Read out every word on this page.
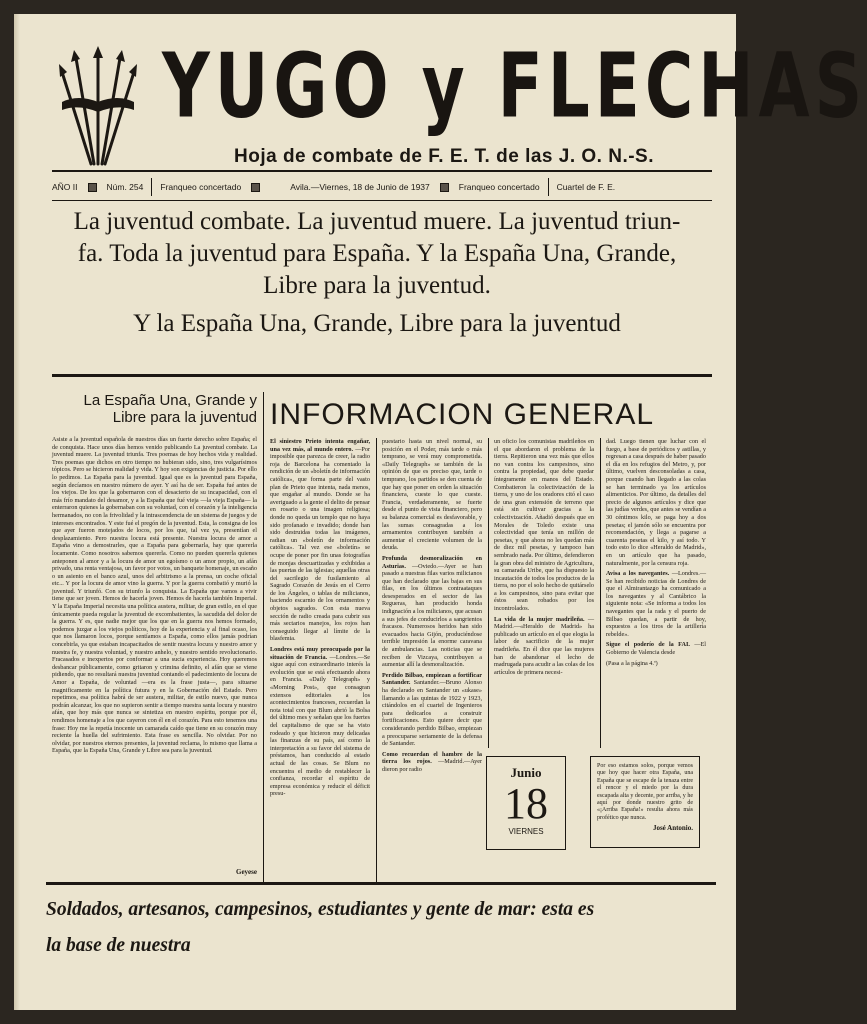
YUGO y FLECHAS
Hoja de combate de F. E. T. de las J. O. N.-S.
AÑO II	Núm. 254 Franqueo concertado	Avila.—Viernes, 18 de Junio de 1937	Franqueo concertado Cuartel de F. E.

La juventud combate. La juventud muere. La juventud triun-

fa. Toda la juventud para España. Y la España Una, Grande,

Libre para la juventud.

Y la España Una, Grande, Libre para la juventud

La España Una, Grande y Libre para la juventud

Asiste a la juventud española de nuestros días un fuerte derecho sobre España; el de conquista. Hace unos días hemos venido publicando La juventud combate. La juventud muere. La juventud triunfa. Tres poemas de hoy hechos vida y realidad. Tres poemas que dichos en otro tiempo no hubieran sido, sino, tres vulgarísimos tópicos. Pero se hicieron realidad y vida. Y hoy son exigencias de justicia. Por ello lo pedimos. La España para la juventud. Igual que es la juventud para España, según decíamos en nuestro número de ayer. Y así ha de ser. España fué antes de los viejos. De los que la gobernaron con el desacierto de su incapacidad, con el más frío mandato del desamor, y a la España que fué vieja —la vieja España— la enterraron quienes la gobernaban con su voluntad, con el corazón y la inteligencia hermanados, no con la frivolidad y la intrascendencia de un sistema de juegos y de intereses encontrados. Y este fué el pregón de la juventud. Esta, la consigna de los que ayer fueron motejados de locos, por los que, tal vez ya, presentían el desplazamiento. Pero nuestra locura está presente. Nuestra locura de amor a España vino a demostrarles, que a España para gobernarla, hay que quererla locamente. Como nosotros sabemos quererla. Como no pueden quererla quienes anteponen al amor y a la locura de amor un egoísmo o un amor propio, un afán privado, una renta ventajosa, un favor por votos, un banquete homenaje, un escaño o un asiento en el banco azul, unos del arbitrismo a la prensa, un coche oficial etc... Y por la locura de amor vino la guerra. Y por la guerra combatió y murió la juventud. Y triunfó. Con su triunfo la conquista. La España que vamos a vivir tiene que ser joven. Hemos de hacerla joven. Hemos de hacerla también Imperial. Y la España Imperial necesita una política austera, militar, de gran estilo, en el que únicamente pueda regular la juventud de excombatientes, la sacudida del dolor de la guerra. Y es, que nadie mejor que los que en la guerra nos hemos formado, podemos juzgar a los viejos políticos, hoy de la experiencia y al final ocaso, los que nos llamaron locos, porque sentíamos a España, como ellos jamás podrían concebirla, ya que estaban incapacitados de sentir nuestra locura y nuestro amor y nuestra fe, y nuestra voluntad, y nuestro anhelo, y nuestro sentido revolucionario. Fracasados e inexpertos por conformar a una sucia experiencia. Hoy queremos desbancar públicamente, como gritaron y crimina definito, el afán que se viene pidiendo, que no resultará nuestra juventud contando el padecimiento de locura de Amor a España, de voluntad —era es la frase justa—, para situarse magnificamente en la política futura y en la Gobernación del Estado. Pero repetimos, esa política habrá de ser austera, militar, de estilo nuevo, que nunca podrán alcanzar, los que no supieron sentir a tiempo nuestra santa locura y nuestro afán, que hoy más que nunca se sintetiza en nuestro espíritu, porque por él, rendimos homenaje a los que cayeron con él en el corazón. Para esto tenemos una frase: Hoy me la repetía inocente un camarada caído que tiene en su corazón muy reciente la huella del sufrimiento. Esta frase es sencilla. No olvidar. Por no olvidar, por nuestros eternos presentes, la juventud reclama, lo mismo que llama a España, que la España Una, Grande y Libre sea para la juventud.

Geyese
INFORMACION GENERAL

El siniestro Prieto intenta engañar, una vez más, al mundo entero. —Por imposible que parezca de creer, la radio roja de Barcelona ha comentado la rendición de un «boletín de información católica», que forma parte del vasto plan de Prieto que intenta, nada menos, que engañar al mundo. Donde se ha averiguado a la gente el delito de pensar en rosario o una imagen religiosa; donde no queda un templo que no haya sido profanado e invadido; donde han sido destruidas todas las imágenes, radian un «boletín de información católica». Tal vez ese «boletín» se ocupe de poner por fin unas fotografías de monjas descuartizadas y exhibidas a las puertas de las iglesias; aquellas otras del sacrilegio de fusilamiento al Sagrado Corazón de Jesús en el Cerro de los Ángeles, o tablas de milicianos, haciendo escarnio de los ornamentos y objetos sagrados. Con esta nueva sección de radio creada para cubrir sus más sectarios manejos, los rojos han conseguido llegar al límite de la blasfemia.

Londres está muy preocupado por la situación de Francia. —Londres.—Se sigue aquí con extraordinario interés la evolución que se está efectuando ahora en Francia. «Daily Telegraph» y «Morning Post», que consagran extensos editoriales a los acontecimientos franceses, recuerdan la nota total con que Blum abrió la Bolsa del último mes y señalan que los fuertes del capitalismo de que se ha visto rodeado y que hicieron muy delicadas las finanzas de su país, así como la interpretación a su favor del sistema de préstamos, han conducido al estado actual de las cosas. Se Blum no encuentra el medio de restablecer la confianza, recordar el espíritu de empresa económica y reducir el déficit presu-

puestario hasta un nivel normal, su posición en el Poder, más tarde o más temprano, se verá muy comprometida. «Daily Telegraph» se también de la opinión de que es preciso que, tarde o temprano, los partidos se den cuenta de que hay que poner en orden la situación financiera, cueste lo que cueste. Francia, verdaderamente, se fuerte desde el punto de vista financiero, pero su balanza comercial es desfavorable, y las sumas consagradas a los armamentos contribuyen también a aumentar el creciente volumen de la deuda.

Profunda desmoralización en Asturias. —Oviedo.—Ayer se han pasado a nuestras filas varios milicianos que han declarado que las bajas en sus filas, en los últimos contraataques desesperados en el sector de las Regueras, han producido honda indignación a los milicianos, que acusan a sus jefes de conducirlos a sangrientos fracasos. Numerosos heridos han sido evacuados hacia Gijón, produciéndose terrible impresión la enorme caravana de ambulancias. Las noticias que se reciben de Vizcaya, contribuyen a aumentar allí la desmoralización.

Perdido Bilbao, empiezan a fortificar Santander. Santander.—Bruno Alonso ha declarado en Santander un «ukase» llamando a las quintas de 1922 y 1923, citándolos en el cuartel de Ingenieros para dedicarlos a construir fortificaciones. Esto quiere decir que considerando perdido Bilbao, empiezan a preocuparse seriamente de la defensa de Santander.

Como recuerdan el hambre de la tierra los rojos. —Madrid.—Ayer dieron por radio

un oficio los comunistas madrileños en el que abordaron el problema de la tierra. Repitieron una vez más que ellos no van contra los campesinos, sino contra la propiedad, que debe quedar íntegramente en manos del Estado. Combatieron la colectivización de la tierra, y uno de los oradores citó el caso de una gran extensión de terreno que está sin cultivar gracias a la colectivización. Añadió después que en Morales de Toledo existe una colectividad que tenía un millón de pesetas, y que ahora no les quedan más de diez mil pesetas, y tampoco han sembrado nada. Por último, defendieron la gran obra del ministro de Agricultura, su camarada Uribe, que ha dispuesto la incautación de todos los productos de la tierra, no por el solo hecho de quitárselo a los campesinos, sino para evitar que éstos sean robados por los incontrolados.

La vida de la mujer madrileña. —Madrid.—«Heraldo de Madrid» ha publicado un artículo en el que elogia la labor de sacrificio de la mujer madrileña. En él dice que las mujeres han de abandonar el lecho de madrugada para acudir a las colas de los artículos de primera necesi-

dad. Luego tienen que luchar con el fuego, a base de periódicos y astillas, y regresan a casa después de haber pasado el día en los refugios del Metro, y, por último, vuelven desconsoladas a casa, porque cuando han llegado a las colas se han terminado ya los artículos alimenticios. Por último, da detalles del precio de algunos artículos y dice que las judías verdes, que antes se vendían a 30 céntimos kilo, se paga hoy a dos pesetas; el jamón sólo se encuentra por recomendación, y llega a pagarse a cuarenta pesetas el kilo, y así todo. Y todo esto lo dice «Heraldo de Madrid», en un artículo que ha pasado, naturalmente, por la censura roja.

Avisa a los navegantes. —Londres.—Se han recibido noticias de Londres de que el Almirantazgo ha comunicado a los navegantes y al Cantábrico la siguiente nota: «Se informa a todos los navegantes que la rada y el puerto de Bilbao quedan, a partir de hoy, expuestos a los tiros de la artillería rebelde».

Sigue el poderío de la FAI. —El Gobierno de Valencia desde

(Pasa a la página 4.ª)

Junio
18
VIERNES

Por eso estamos solos, porque vemos que hoy que hacer otra España, una España que se escape de la tenaza entre el rencor y el miedo por la dura escapada alta y decente, por arriba, y he aquí por donde nuestro grito de «¡Arriba España!» resulta ahora más profético que nunca.

José Antonio.

Soldados, artesanos, campesinos, estudiantes y gente de mar: esta es

la base de nuestra
